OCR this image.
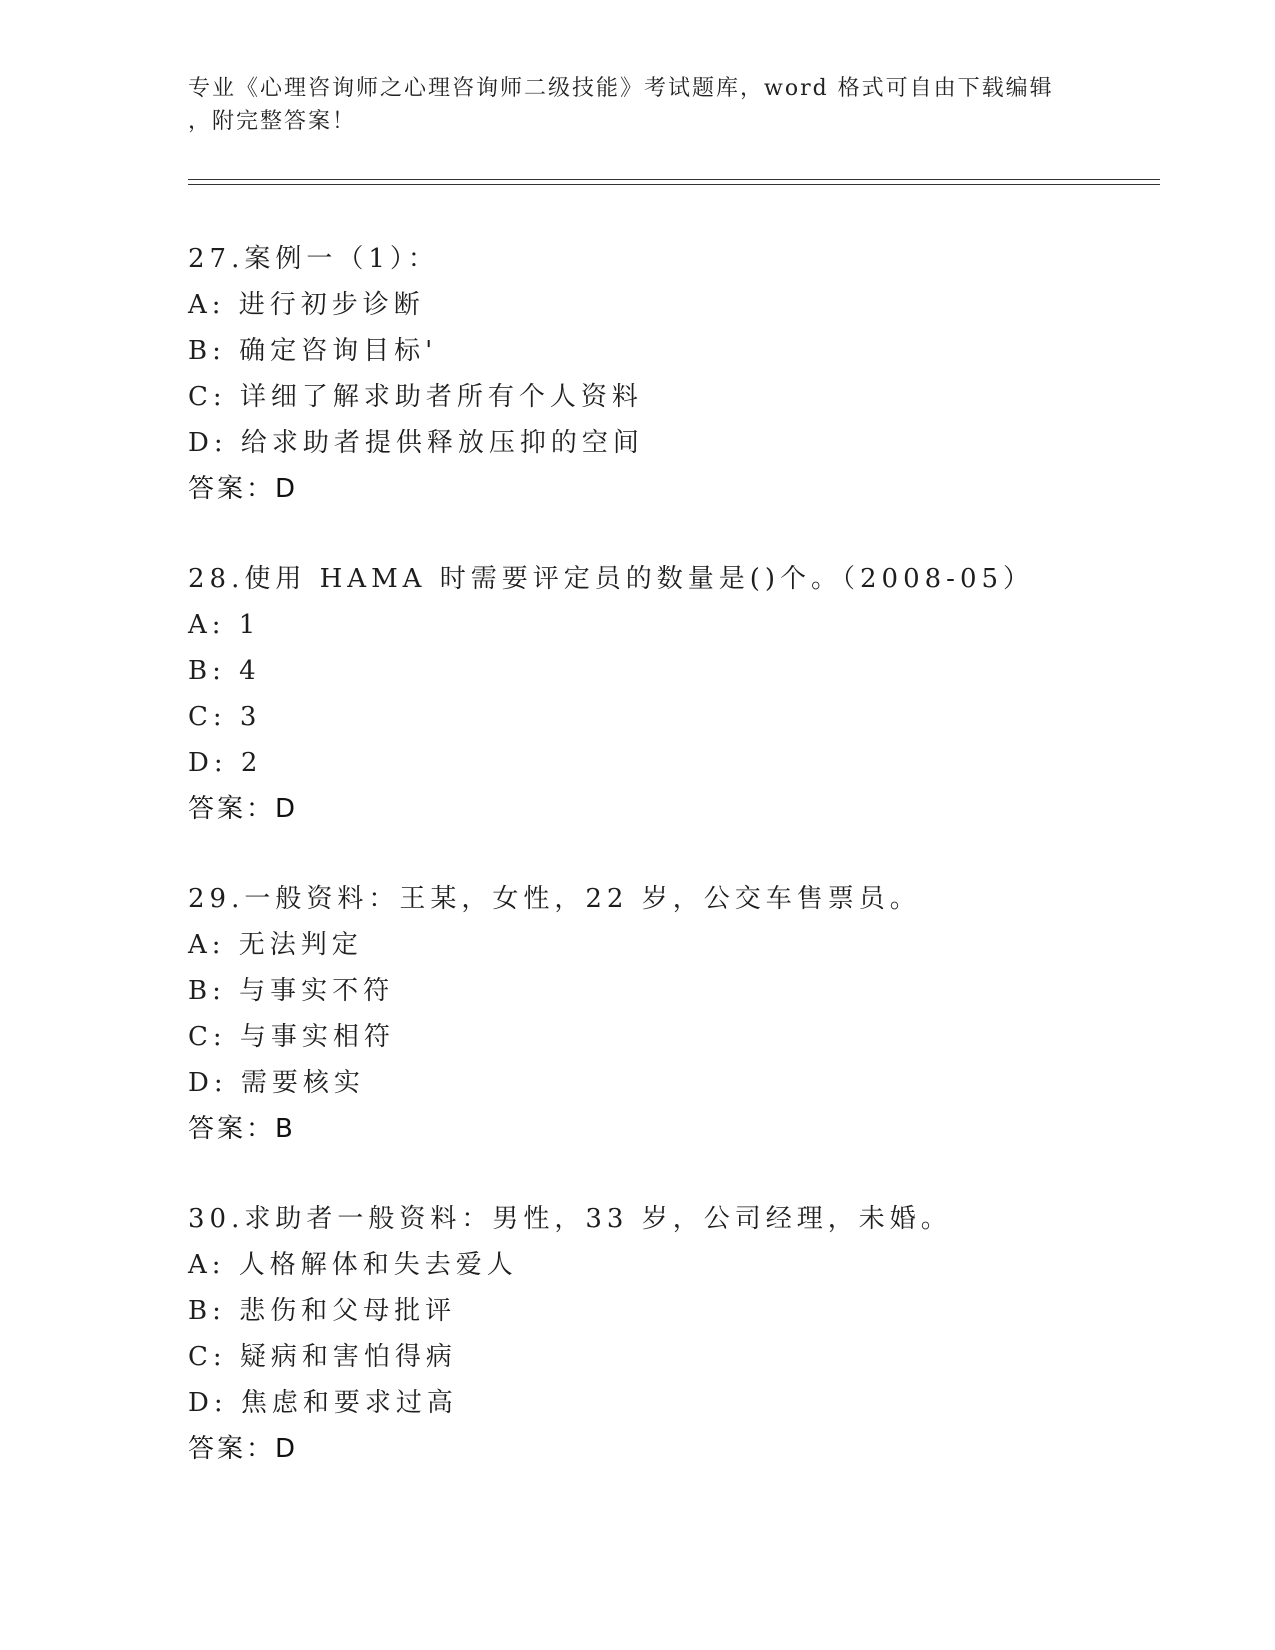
专业《心理咨询师之心理咨询师二级技能》考试题库，word 格式可自由下载编辑
，附完整答案！
27.案例一（1）：
A: 进行初步诊断
B: 确定咨询目标'
C: 详细了解求助者所有个人资料
D: 给求助者提供释放压抑的空间
答案：D
28.使用 HAMA 时需要评定员的数量是()个。（2008-05）
A: 1
B: 4
C: 3
D: 2
答案：D
29.一般资料：王某，女性，22 岁，公交车售票员。
A: 无法判定
B: 与事实不符
C: 与事实相符
D: 需要核实
答案：B
30.求助者一般资料：男性，33 岁，公司经理，未婚。
A: 人格解体和失去爱人
B: 悲伤和父母批评
C: 疑病和害怕得病
D: 焦虑和要求过高
答案：D
